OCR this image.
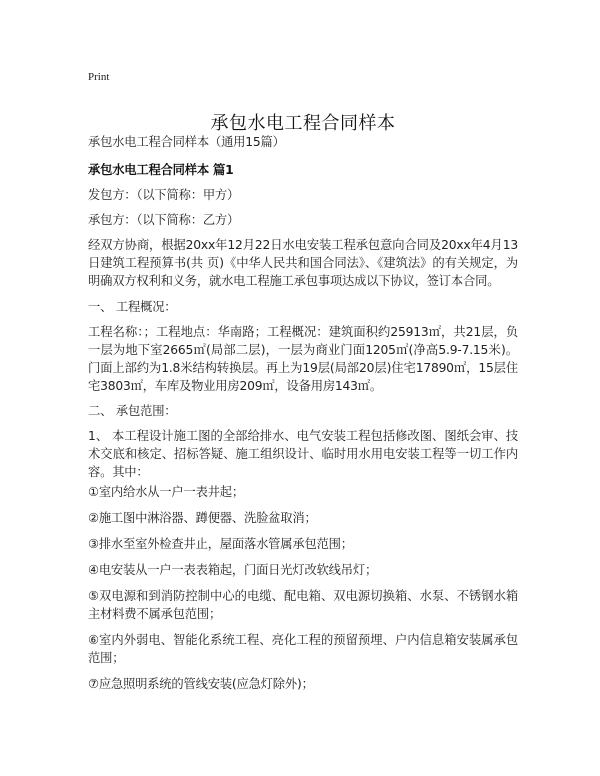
Print
承包水电工程合同样本

承包水电工程合同样本（通用15篇）

承包水电工程合同样本 篇1

发包方：（以下简称：甲方）

承包方：（以下简称：乙方）

经双方协商，根据20xx年12月22日水电安装工程承包意向合同及20xx年4月13日建筑工程预算书(共 页)《中华人民共和国合同法》、《建筑法》的有关规定，为明确双方权利和义务，就水电工程施工承包事项达成以下协议，签订本合同。

一、 工程概况：

工程名称：；工程地点：华南路；工程概况：建筑面积约25913㎡，共21层，负一层为地下室2665㎡(局部二层)，一层为商业门面1205㎡(净高5.9-7.15米)。门面上部约为1.8米结构转换层。再上为19层(局部20层)住宅17890㎡，15层住宅3803㎡，车库及物业用房209㎡，设备用房143㎡。

二、 承包范围：

1、 本工程设计施工图的全部给排水、电气安装工程包括修改图、图纸会审、技术交底和核定、招标答疑、施工组织设计、临时用水用电安装工程等一切工作内容。其中：

①室内给水从一户一表井起；

②施工图中淋浴器、蹲便器、洗脸盆取消；

③排水至室外检查井止，屋面落水管属承包范围；

④电安装从一户一表表箱起，门面日光灯改软线吊灯；

⑤双电源和到消防控制中心的电缆、配电箱、双电源切换箱、水泵、不锈钢水箱主材料费不属承包范围；

⑥室内外弱电、智能化系统工程、亮化工程的预留预埋、户内信息箱安装属承包范围；

⑦应急照明系统的管线安装(应急灯除外)；
